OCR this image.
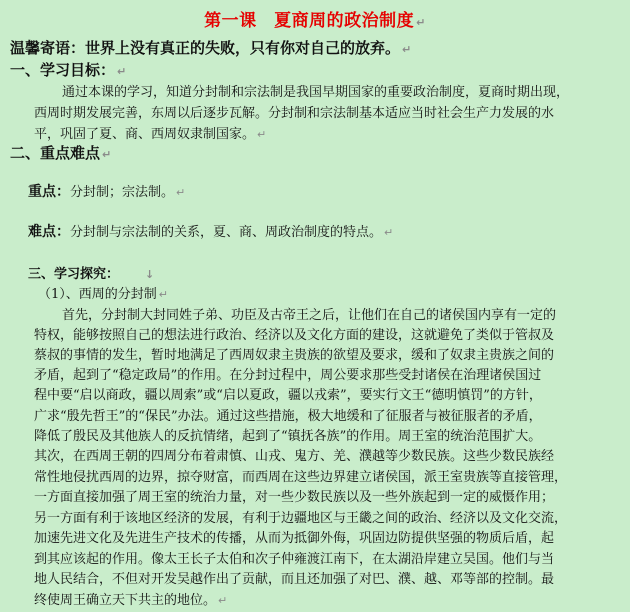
第一课　夏商周的政治制度 ↵
温馨寄语：世界上没有真正的失败，只有你对自己的放弃。 ↵
一、学习目标： ↵
通过本课的学习，知道分封制和宗法制是我国早期国家的重要政治制度，夏商时期出现，
西周时期发展完善，东周以后逐步瓦解。分封制和宗法制基本适应当时社会生产力发展的水
平，巩固了夏、商、西周奴隶制国家。 ↵
二、重点难点 ↵
重点：分封制；宗法制。 ↵
难点：分封制与宗法制的关系，夏、商、周政治制度的特点。 ↵
三、学习探究： ↓
（1）、西周的分封制 ↵
首先，分封制大封同姓子弟、功臣及古帝王之后，让他们在自己的诸侯国内享有一定的
特权，能够按照自己的想法进行政治、经济以及文化方面的建设，这就避免了类似于管叔及
蔡叔的事情的发生，暂时地满足了西周奴隶主贵族的欲望及要求，缓和了奴隶主贵族之间的
矛盾，起到了“稳定政局”的作用。在分封过程中，周公要求那些受封诸侯在治理诸侯国过
程中要“启以商政，疆以周索”或“启以夏政，疆以戎索”，要实行文王“德明慎罚”的方针，
广求“殷先哲王”的“保民”办法。通过这些措施，极大地缓和了征服者与被征服者的矛盾，
降低了殷民及其他族人的反抗情绪，起到了“镇抚各族”的作用。周王室的统治范围扩大。
其次，在西周王朝的四周分布着肃慎、山戎、鬼方、羌、濮越等少数民族。这些少数民族经
常性地侵扰西周的边界，掠夺财富，而西周在这些边界建立诸侯国，派王室贵族等直接管理，
一方面直接加强了周王室的统治力量，对一些少数民族以及一些外族起到一定的威慑作用；
另一方面有利于该地区经济的发展，有利于边疆地区与王畿之间的政治、经济以及文化交流，
加速先进文化及先进生产技术的传播，从而为抵御外侮，巩固边防提供坚强的物质后盾，起
到其应该起的作用。像太王长子太伯和次子仲雍渡江南下，在太湖沿岸建立吴国。他们与当
地人民结合，不但对开发吴越作出了贡献，而且还加强了对巴、濮、越、邓等部的控制。最
终使周王确立天下共主的地位。 ↵
